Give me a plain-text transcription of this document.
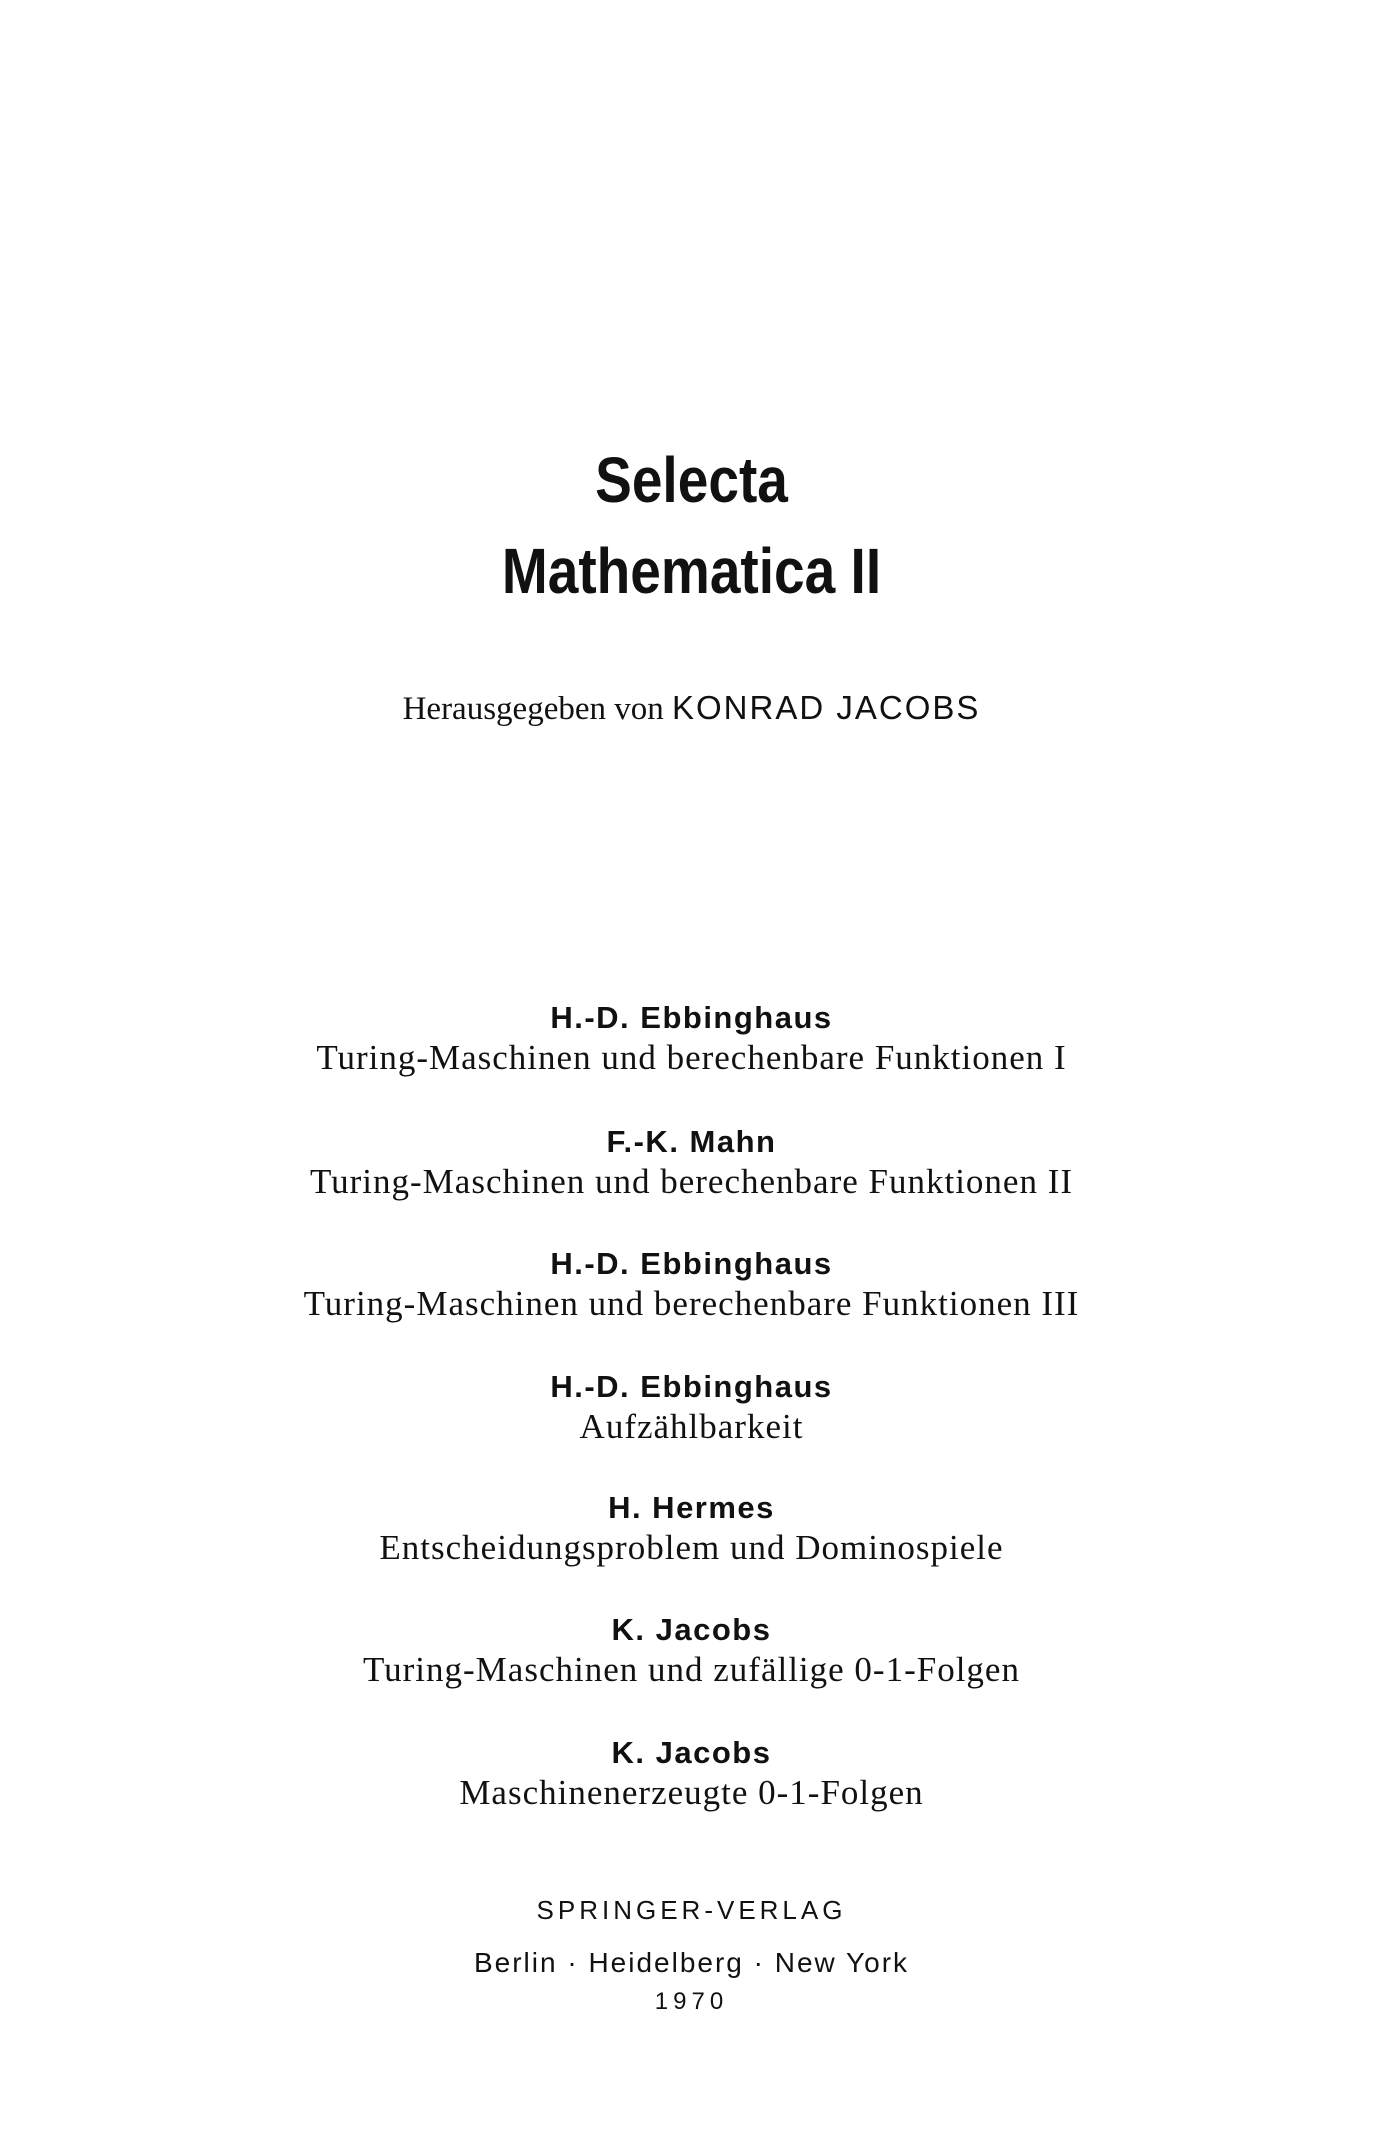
Selecta
Mathematica II
Herausgegeben von KONRAD JACOBS
H.-D. Ebbinghaus
Turing-Maschinen und berechenbare Funktionen I
F.-K. Mahn
Turing-Maschinen und berechenbare Funktionen II
H.-D. Ebbinghaus
Turing-Maschinen und berechenbare Funktionen III
H.-D. Ebbinghaus
Aufzählbarkeit
H. Hermes
Entscheidungsproblem und Dominospiele
K. Jacobs
Turing-Maschinen und zufällige 0-1-Folgen
K. Jacobs
Maschinenerzeugte 0-1-Folgen
SPRINGER-VERLAG
Berlin · Heidelberg · New York
1970
